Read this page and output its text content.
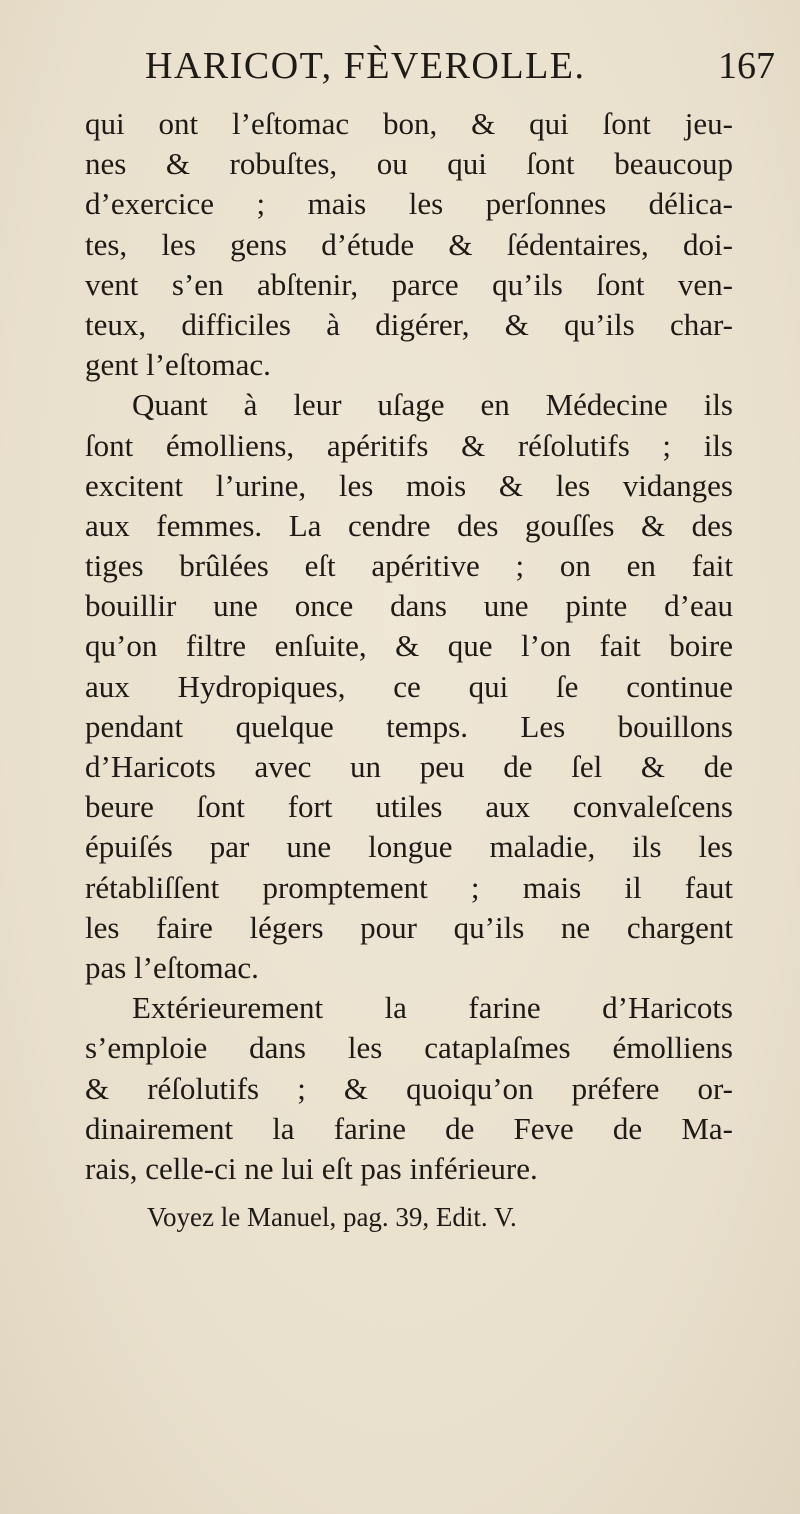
HARICOT, FÈVEROLLE.	167
qui ont l’eſtomac bon, & qui ſont jeu-
nes & robuſtes, ou qui ſont beaucoup
d’exercice ; mais les perſonnes délica-
tes, les gens d’étude & ſédentaires, doi-
vent s’en abſtenir, parce qu’ils ſont ven-
teux, difficiles à digérer, & qu’ils char-
gent l’eſtomac.
Quant à leur uſage en Médecine ils
ſont émolliens, apéritifs & réſolutifs ; ils
excitent l’urine, les mois & les vidanges
aux femmes. La cendre des gouſſes & des
tiges brûlées eſt apéritive ; on en fait
bouillir une once dans une pinte d’eau
qu’on filtre enſuite, & que l’on fait boire
aux Hydropiques, ce qui ſe continue
pendant quelque temps. Les bouillons
d’Haricots avec un peu de ſel & de
beure ſont fort utiles aux convaleſcens
épuiſés par une longue maladie, ils les
rétabliſſent promptement ; mais il faut
les faire légers pour qu’ils ne chargent
pas l’eſtomac.
Extérieurement la farine d’Haricots
s’emploie dans les cataplaſmes émolliens
& réſolutifs ; & quoiqu’on préfere or-
dinairement la farine de Feve de Ma-
rais, celle-ci ne lui eſt pas inférieure.
Voyez le Manuel, pag. 39, Edit. V.
